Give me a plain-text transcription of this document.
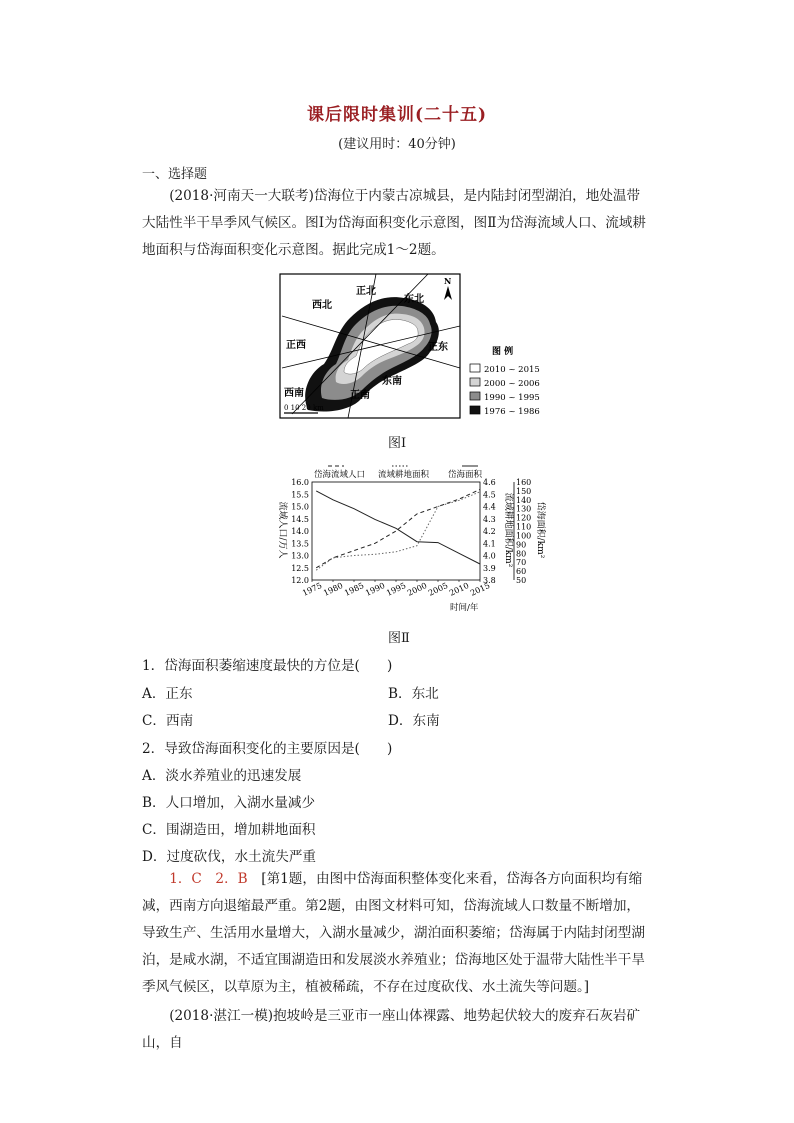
课后限时集训(二十五)
(建议用时：40分钟)
一、选择题

(2018·河南天一大联考)岱海位于内蒙古凉城县，是内陆封闭型湖泊，地处温带大陆性半干旱季风气候区。图Ⅰ为岱海面积变化示意图，图Ⅱ为岱海流域人口、流域耕地面积与岱海面积变化示意图。据此完成1～2题。

正北
东北
西北
正东
正西
东南
正南
西南
N
0 10 20 km
图 例
2010 ~ 2015
2000 ~ 2006
1990 ~ 1995
1976 ~ 1986
图Ⅰ
16.0
15.5
15.0
14.5
14.0
13.5
13.0
12.5
12.0
4.6
4.5
4.4
4.3
4.2
4.1
4.0
3.9
3.8
160
150
140
130
120
110
100
90
80
70
60
50
流域人口/万人	流域耕地面积/km² 岱海面积/km²
1975
1980
1985
1990
1995
2000
2005
2010
2015
时间/年
岱海流域人口 流域耕地面积 岱海面积
图Ⅱ
1．岱海面积萎缩速度最快的方位是(　　)
A．正东	B．东北
C．西南	D．东南
2．导致岱海面积变化的主要原因是(　　)
A．淡水养殖业的迅速发展
B．人口增加，入湖水量减少
C．围湖造田，增加耕地面积
D．过度砍伐，水土流失严重

1．C　2．B　 [第1题，由图中岱海面积整体变化来看，岱海各方向面积均有缩减，西南方向退缩最严重。第2题，由图文材料可知，岱海流域人口数量不断增加，导致生产、生活用水量增大，入湖水量减少，湖泊面积萎缩；岱海属于内陆封闭型湖泊，是咸水湖，不适宜围湖造田和发展淡水养殖业；岱海地区处于温带大陆性半干旱季风气候区，以草原为主，植被稀疏，不存在过度砍伐、水土流失等问题。]

(2018·湛江一模)抱坡岭是三亚市一座山体裸露、地势起伏较大的废弃石灰岩矿山，自
